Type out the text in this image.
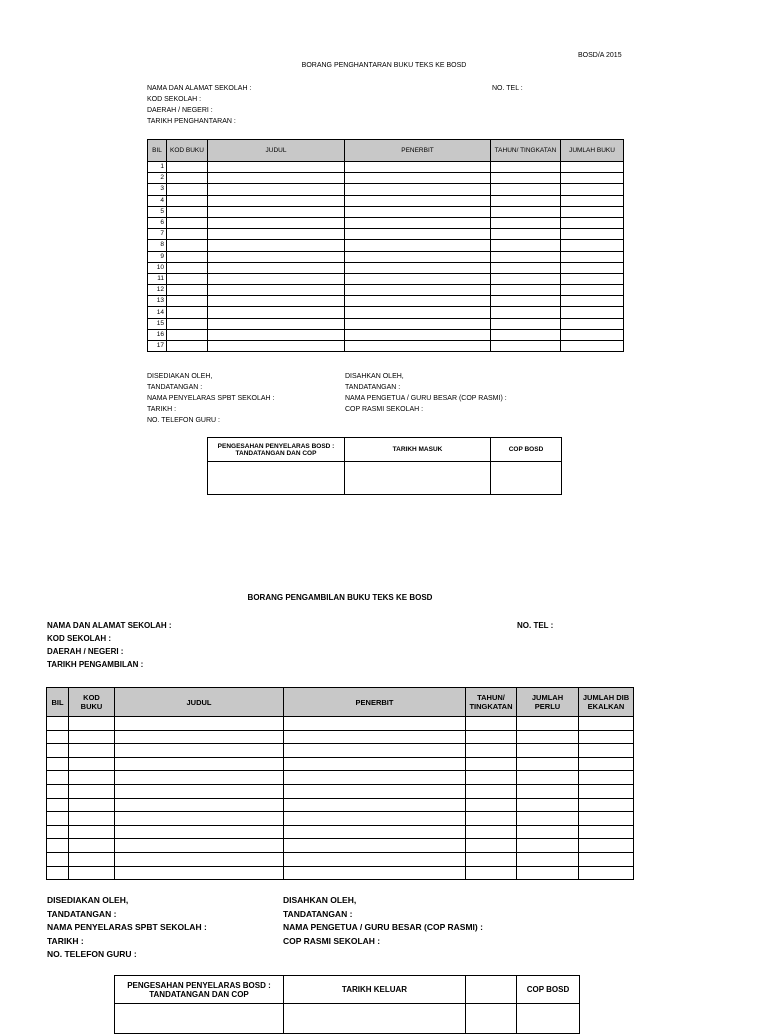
BOSD/A 2015
BORANG PENGHANTARAN BUKU TEKS KE BOSD
NAMA DAN ALAMAT SEKOLAH :
KOD SEKOLAH :
DAERAH / NEGERI :
TARIKH PENGHANTARAN :
NO. TEL :
BIL	KOD BUKU	JUDUL	PENERBIT	TAHUN/ TINGKATAN	JUMLAH BUKU
1					
2					
3					
4					
5					
6					
7					
8					
9					
10					
11					
12					
13					
14					
15					
16					
17					
DISEDIAKAN OLEH,
TANDATANGAN :
NAMA PENYELARAS SPBT SEKOLAH :
TARIKH :
NO. TELEFON GURU :
DISAHKAN OLEH,
TANDATANGAN :
NAMA PENGETUA / GURU BESAR (COP RASMI) :
COP RASMI SEKOLAH :
PENGESAHAN PENYELARAS BOSD : TANDATANGAN DAN COP	TARIKH MASUK	COP BOSD

BORANG PENGAMBILAN BUKU TEKS KE BOSD
NAMA DAN ALAMAT SEKOLAH :
KOD SEKOLAH :
DAERAH / NEGERI :
TARIKH PENGAMBILAN :
NO. TEL :
BIL	KOD BUKU	JUDUL	PENERBIT	TAHUN/ TINGKATAN	JUMLAH PERLU	JUMLAH DIBEKALKAN

DISEDIAKAN OLEH,
TANDATANGAN :
NAMA PENYELARAS SPBT SEKOLAH :
TARIKH :
NO. TELEFON GURU :
DISAHKAN OLEH,
TANDATANGAN :
NAMA PENGETUA / GURU BESAR (COP RASMI) :
COP RASMI SEKOLAH :
PENGESAHAN PENYELARAS BOSD : TANDATANGAN DAN COP	TARIKH KELUAR		COP BOSD
